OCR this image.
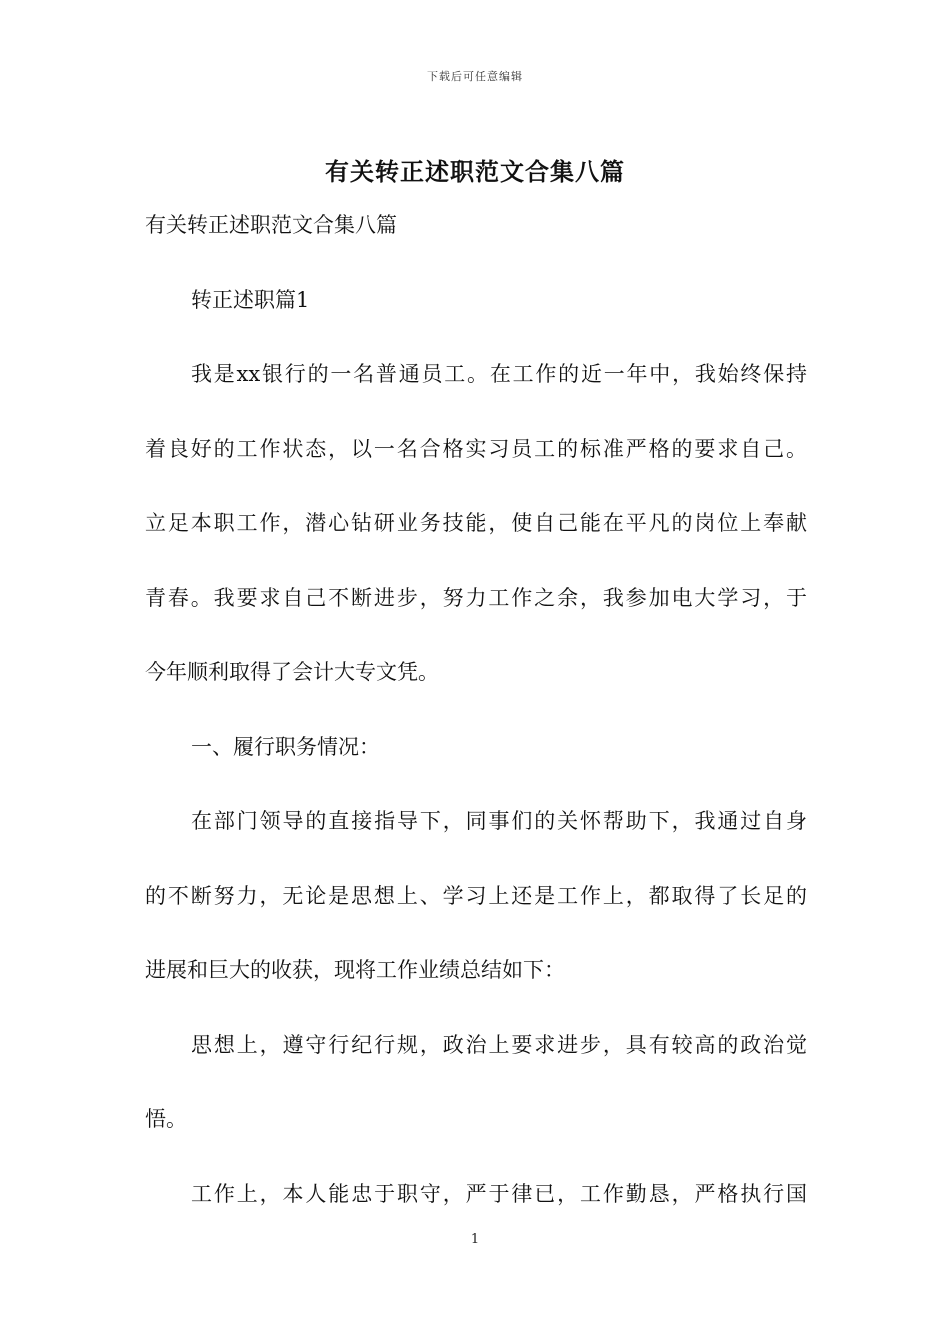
下载后可任意编辑
有关转正述职范文合集八篇
有关转正述职范文合集八篇
转正述职篇1
我是xx银行的一名普通员工。在工作的近一年中，我始终保持
着良好的工作状态，以一名合格实习员工的标准严格的要求自己。
立足本职工作，潜心钻研业务技能，使自己能在平凡的岗位上奉献
青春。我要求自己不断进步，努力工作之余，我参加电大学习，于
今年顺利取得了会计大专文凭。
一、履行职务情况：
在部门领导的直接指导下，同事们的关怀帮助下，我通过自身
的不断努力，无论是思想上、学习上还是工作上，都取得了长足的
进展和巨大的收获，现将工作业绩总结如下：
思想上，遵守行纪行规，政治上要求进步，具有较高的政治觉
悟。
工作上，本人能忠于职守，严于律已，工作勤恳，严格执行国
1
